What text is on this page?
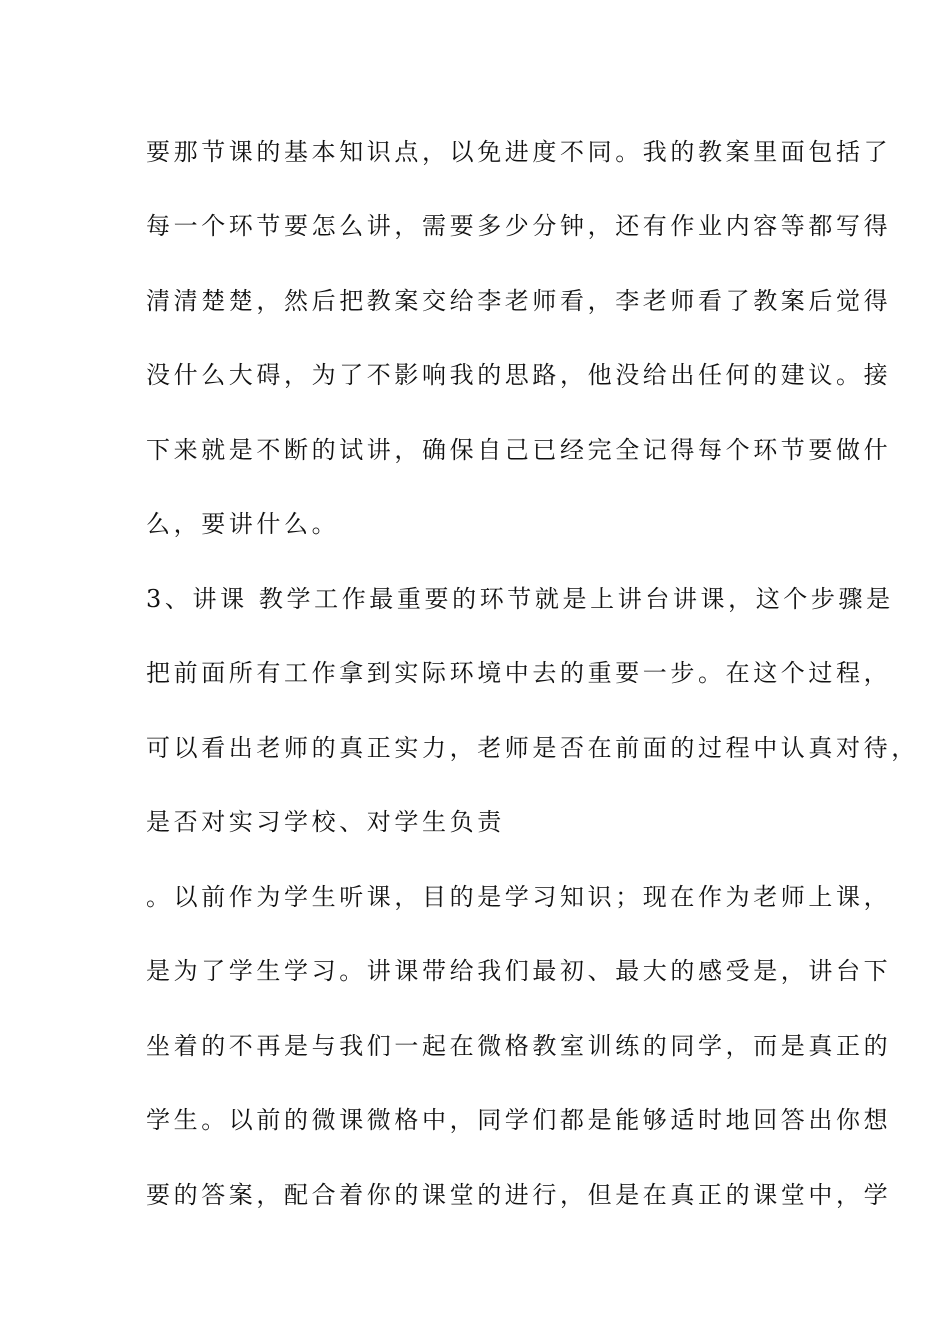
要那节课的基本知识点，以免进度不同。我的教案里面包括了
每一个环节要怎么讲，需要多少分钟，还有作业内容等都写得
清清楚楚，然后把教案交给李老师看，李老师看了教案后觉得
没什么大碍，为了不影响我的思路，他没给出任何的建议。接
下来就是不断的试讲，确保自己已经完全记得每个环节要做什
么，要讲什么。
3、讲课 教学工作最重要的环节就是上讲台讲课，这个步骤是
把前面所有工作拿到实际环境中去的重要一步。在这个过程，
可以看出老师的真正实力，老师是否在前面的过程中认真对待，
是否对实习学校、对学生负责
。以前作为学生听课，目的是学习知识；现在作为老师上课，
是为了学生学习。讲课带给我们最初、最大的感受是，讲台下
坐着的不再是与我们一起在微格教室训练的同学，而是真正的
学生。以前的微课微格中，同学们都是能够适时地回答出你想
要的答案，配合着你的课堂的进行，但是在真正的课堂中，学
